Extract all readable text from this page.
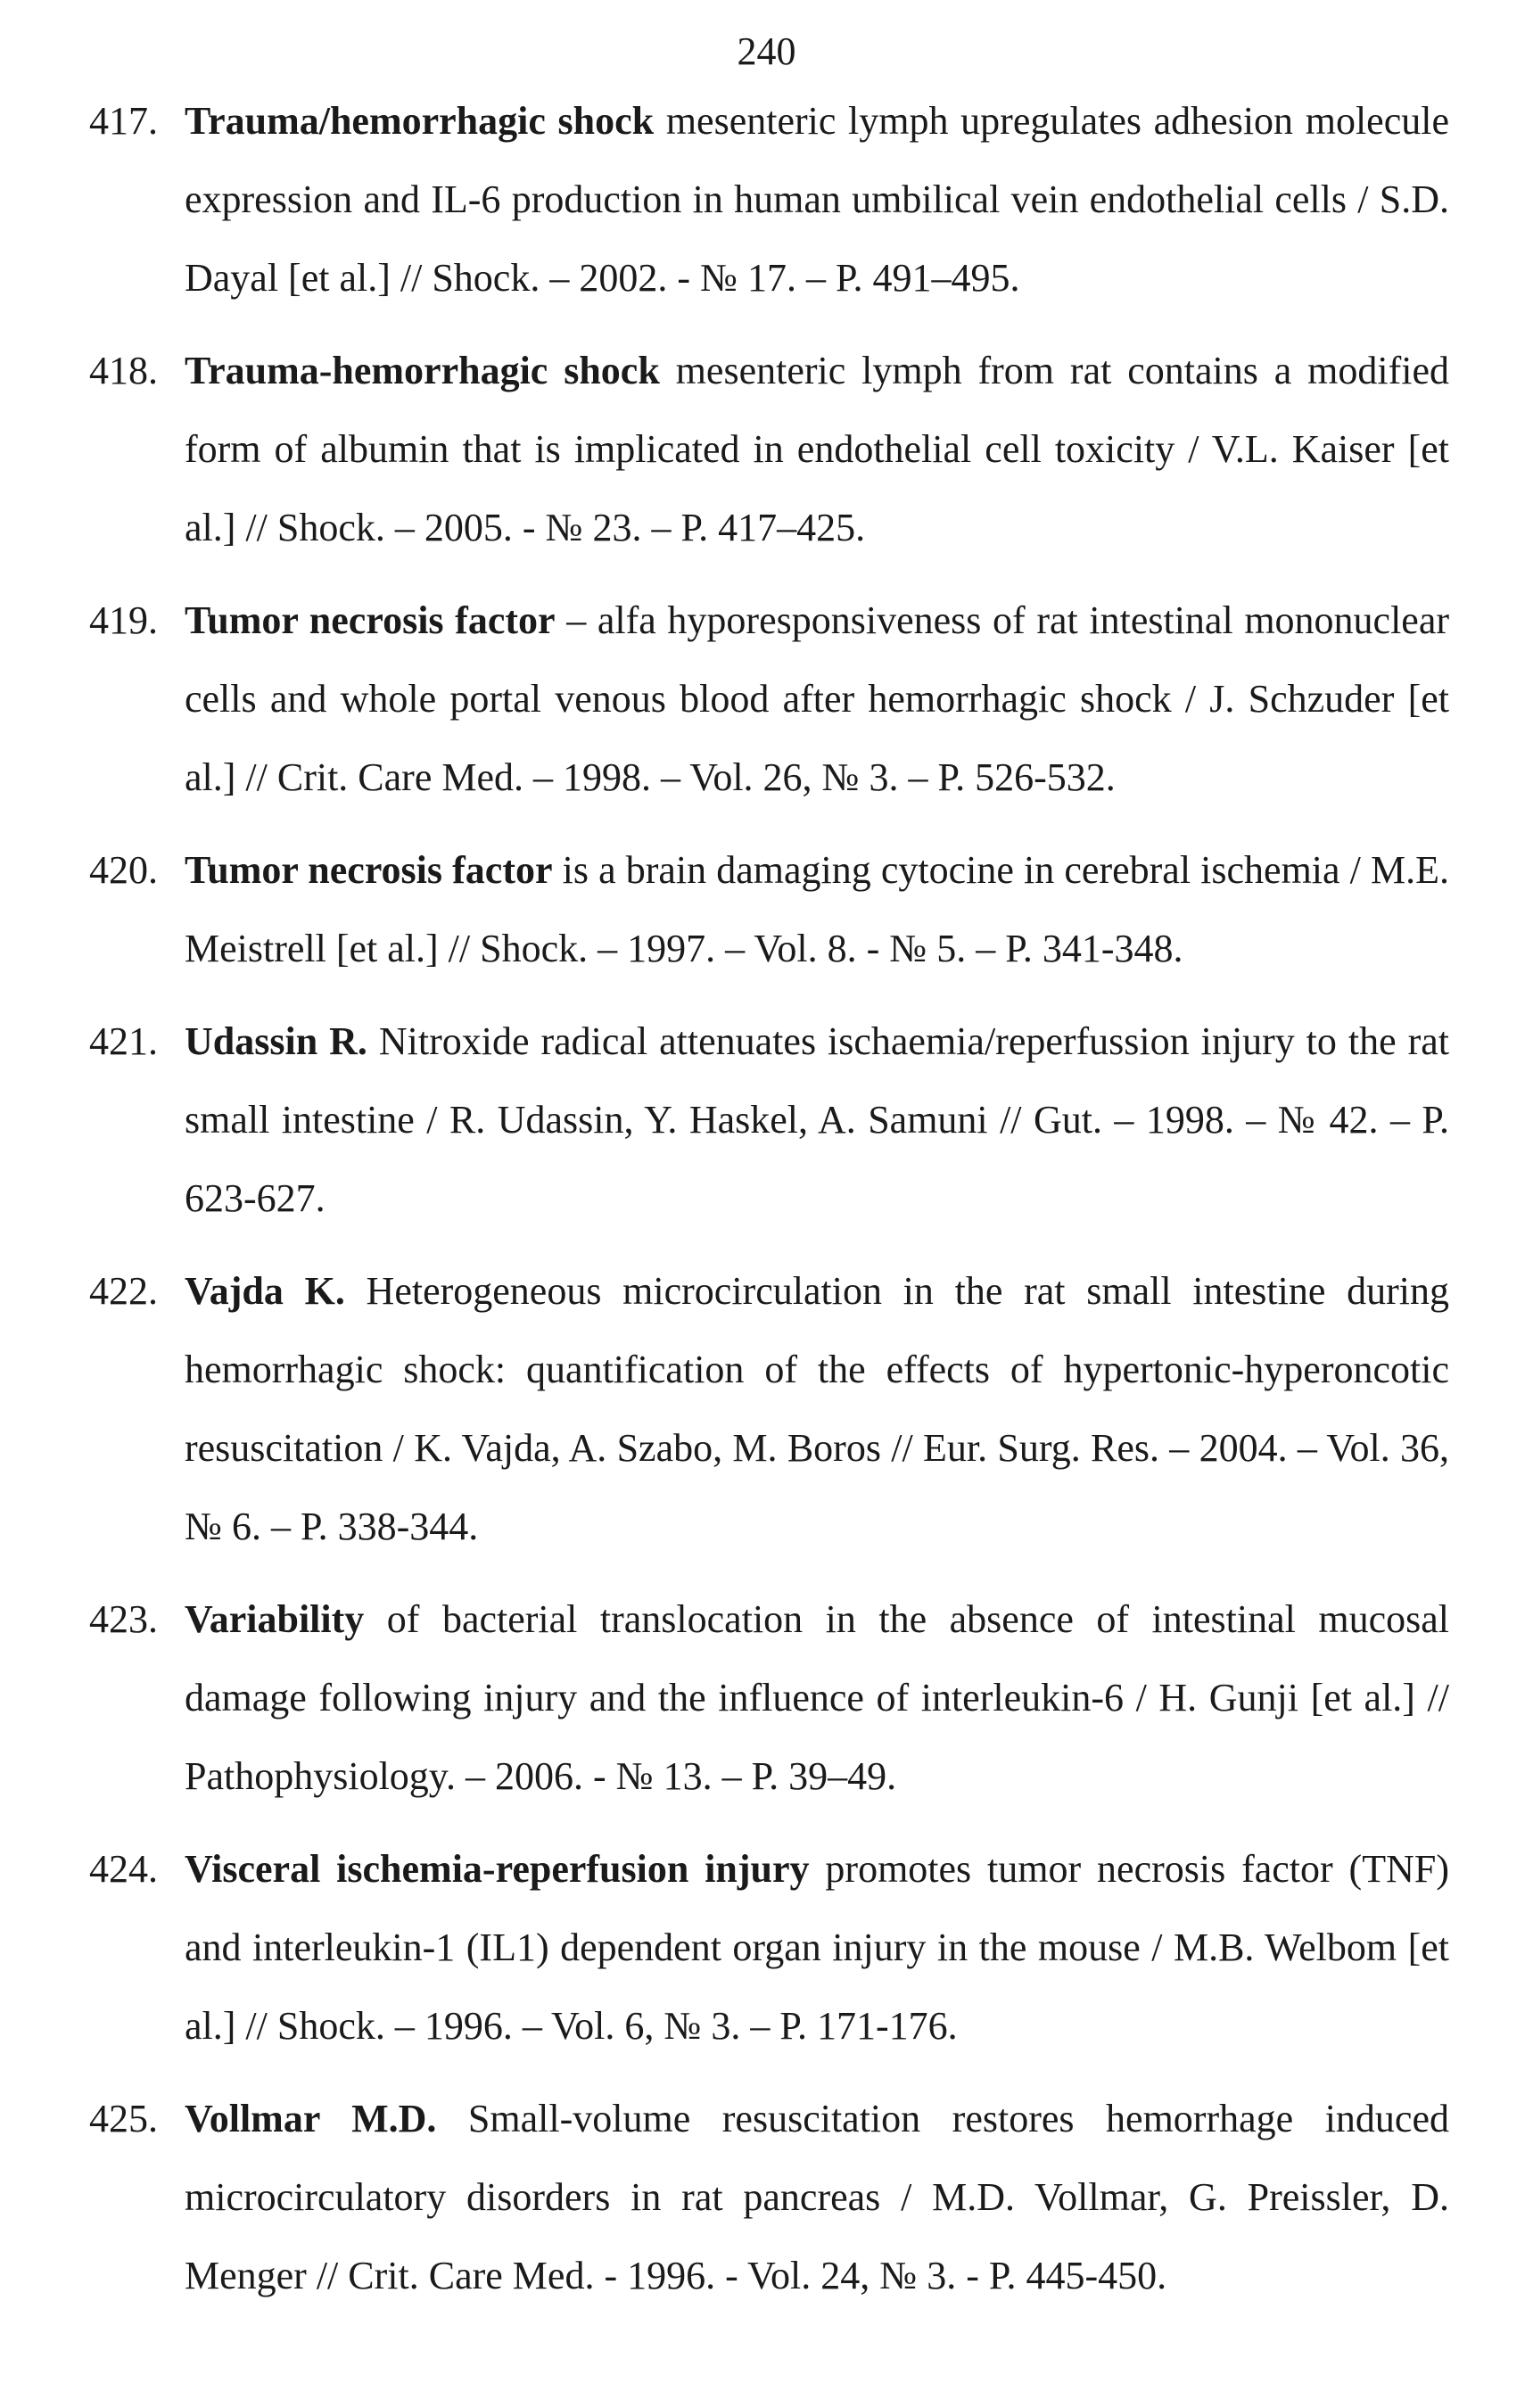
240
417. Trauma/hemorrhagic shock mesenteric lymph upregulates adhesion molecule expression and IL-6 production in human umbilical vein endothelial cells / S.D. Dayal [et al.] // Shock. – 2002. - № 17. – P. 491–495.
418. Trauma-hemorrhagic shock mesenteric lymph from rat contains a modified form of albumin that is implicated in endothelial cell toxicity / V.L. Kaiser [et al.] // Shock. – 2005. - № 23. – P. 417–425.
419. Tumor necrosis factor – alfa hyporesponsiveness of rat intestinal mononuclear cells and whole portal venous blood after hemorrhagic shock / J. Schzuder [et al.] // Crit. Care Med. – 1998. – Vol. 26, № 3. – P. 526-532.
420. Tumor necrosis factor is a brain damaging cytocine in cerebral ischemia / M.E. Meistrell [et al.] // Shock. – 1997. – Vol. 8. - № 5. – P. 341-348.
421. Udassin R. Nitroxide radical attenuates ischaemia/reperfussion injury to the rat small intestine / R. Udassin, Y. Haskel, A. Samuni // Gut. – 1998. – № 42. – P. 623-627.
422. Vajda K. Heterogeneous microcirculation in the rat small intestine during hemorrhagic shock: quantification of the effects of hypertonic-hyperoncotic resuscitation / K. Vajda, A. Szabo, M. Boros // Eur. Surg. Res. – 2004. – Vol. 36, № 6. – P. 338-344.
423. Variability of bacterial translocation in the absence of intestinal mucosal damage following injury and the influence of interleukin-6 / H. Gunji [et al.] // Pathophysiology. – 2006. - № 13. – P. 39–49.
424. Visceral ischemia-reperfusion injury promotes tumor necrosis factor (TNF) and interleukin-1 (IL1) dependent organ injury in the mouse / M.B. Welbom [et al.] // Shock. – 1996. – Vol. 6, № 3. – P. 171-176.
425. Vollmar M.D. Small-volume resuscitation restores hemorrhage induced microcirculatory disorders in rat pancreas / M.D. Vollmar, G. Preissler, D. Menger // Crit. Care Med. - 1996. - Vol. 24, № 3. - P. 445-450.
